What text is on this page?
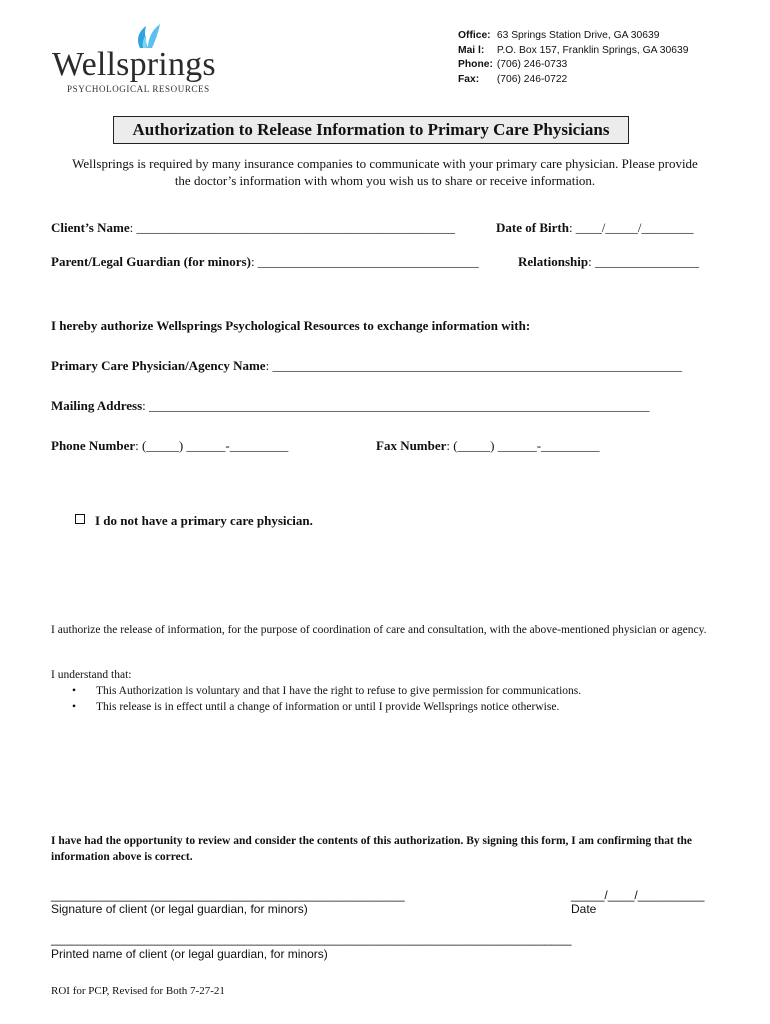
Wellsprings
PSYCHOLOGICAL RESOURCES
Office: 63 Springs Station Drive, GA 30639
Mai l: P.O. Box 157, Franklin Springs, GA 30639
Phone: (706) 246-0733
Fax: (706) 246-0722
Authorization to Release Information to Primary Care Physicians
Wellsprings is required by many insurance companies to communicate with your primary care physician. Please provide
the doctor’s information with whom you wish us to share or receive information.
Client’s Name: _________________________________________________	Date of Birth: ____/_____/________
Parent/Legal Guardian (for minors): __________________________________	Relationship: ________________
I hereby authorize Wellsprings Psychological Resources to exchange information with:
Primary Care Physician/Agency Name: _______________________________________________________________
Mailing Address: _____________________________________________________________________________
Phone Number: (_____) ______-_________	Fax Number: (_____) ______-_________
I do not have a primary care physician.
I authorize the release of information, for the purpose of coordination of care and consultation, with the above-mentioned physician or agency.
I understand that:
• This Authorization is voluntary and that I have the right to refuse to give permission for communications.
• This release is in effect until a change of information or until I provide Wellsprings notice otherwise.
I have had the opportunity to review and consider the contents of this authorization. By signing this form, I am confirming that the information above is correct.
_____________________________________________________
Signature of client (or legal guardian, for minors)
_____/____/__________
Date
______________________________________________________________________________
Printed name of client (or legal guardian, for minors)
ROI for PCP, Revised for Both 7-27-21
